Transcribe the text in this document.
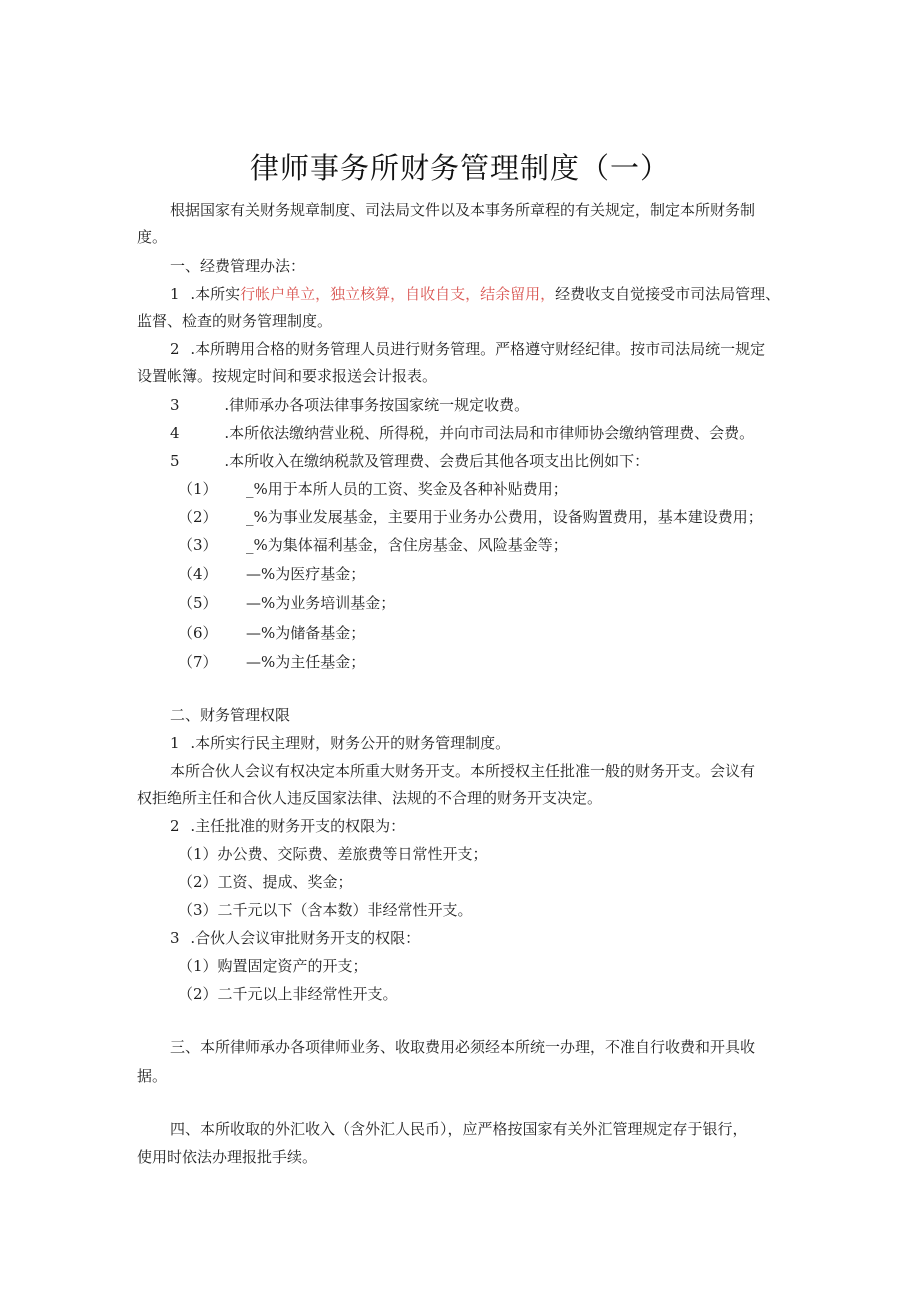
律师事务所财务管理制度（一）
根据国家有关财务规章制度、司法局文件以及本事务所章程的有关规定，制定本所财务制
度。
一、经费管理办法：
1 .本所实行帐户单立，独立核算，自收自支，结余留用，经费收支自觉接受市司法局管理、
监督、检查的财务管理制度。
2 .本所聘用合格的财务管理人员进行财务管理。严格遵守财经纪律。按市司法局统一规定
设置帐簿。按规定时间和要求报送会计报表。
3	.律师承办各项法律事务按国家统一规定收费。
4	.本所依法缴纳营业税、所得税，并向市司法局和市律师协会缴纳管理费、会费。
5	.本所收入在缴纳税款及管理费、会费后其他各项支出比例如下：
（1） _%用于本所人员的工资、奖金及各种补贴费用；
（2） _%为事业发展基金，主要用于业务办公费用，设备购置费用，基本建设费用；
（3） _%为集体福利基金，含住房基金、风险基金等；
（4） —%为医疗基金；
（5） —%为业务培训基金；
（6） —%为储备基金；
（7） —%为主任基金；
二、财务管理权限
1 .本所实行民主理财，财务公开的财务管理制度。
本所合伙人会议有权决定本所重大财务开支。本所授权主任批准一般的财务开支。会议有
权拒绝所主任和合伙人违反国家法律、法规的不合理的财务开支决定。
2 .主任批准的财务开支的权限为：
（1）办公费、交际费、差旅费等日常性开支；
（2）工资、提成、奖金；
（3）二千元以下（含本数）非经常性开支。
3 .合伙人会议审批财务开支的权限：
（1）购置固定资产的开支；
（2）二千元以上非经常性开支。
三、本所律师承办各项律师业务、收取费用必须经本所统一办理，不准自行收费和开具收
据。
四、本所收取的外汇收入（含外汇人民币），应严格按国家有关外汇管理规定存于银行，
使用时依法办理报批手续。
